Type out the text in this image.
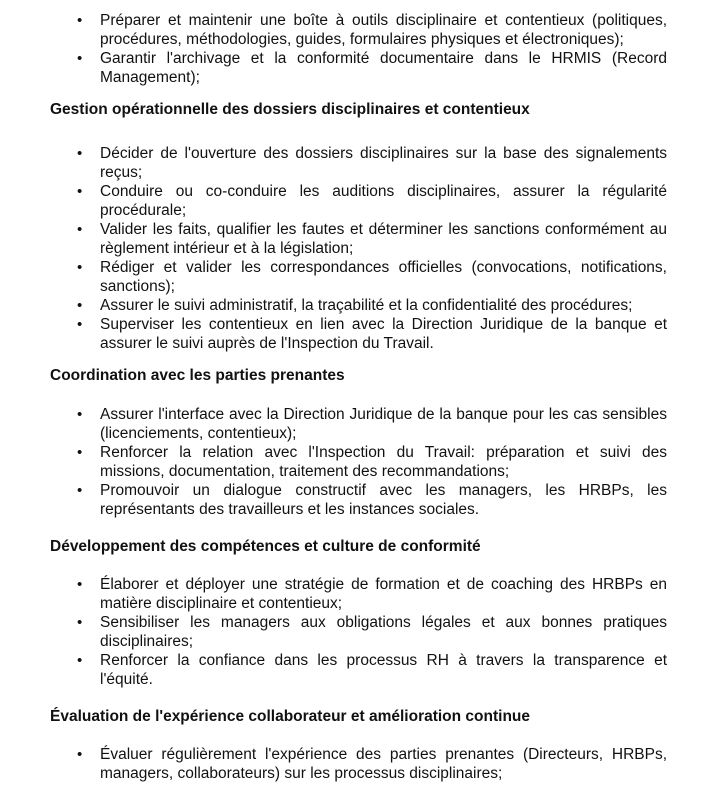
• Préparer et maintenir une boîte à outils disciplinaire et contentieux (politiques, procédures, méthodologies, guides, formulaires physiques et électroniques);
• Garantir l'archivage et la conformité documentaire dans le HRMIS (Record Management);
Gestion opérationnelle des dossiers disciplinaires et contentieux
• Décider de l'ouverture des dossiers disciplinaires sur la base des signalements reçus;
• Conduire ou co-conduire les auditions disciplinaires, assurer la régularité procédurale;
• Valider les faits, qualifier les fautes et déterminer les sanctions conformément au règlement intérieur et à la législation;
• Rédiger et valider les correspondances officielles (convocations, notifications, sanctions);
• Assurer le suivi administratif, la traçabilité et la confidentialité des procédures;
• Superviser les contentieux en lien avec la Direction Juridique de la banque et assurer le suivi auprès de l'Inspection du Travail.
Coordination avec les parties prenantes
• Assurer l'interface avec la Direction Juridique de la banque pour les cas sensibles (licenciements, contentieux);
• Renforcer la relation avec l'Inspection du Travail: préparation et suivi des missions, documentation, traitement des recommandations;
• Promouvoir un dialogue constructif avec les managers, les HRBPs, les représentants des travailleurs et les instances sociales.
Développement des compétences et culture de conformité
• Élaborer et déployer une stratégie de formation et de coaching des HRBPs en matière disciplinaire et contentieux;
• Sensibiliser les managers aux obligations légales et aux bonnes pratiques disciplinaires;
• Renforcer la confiance dans les processus RH à travers la transparence et l'équité.
Évaluation de l'expérience collaborateur et amélioration continue
• Évaluer régulièrement l'expérience des parties prenantes (Directeurs, HRBPs, managers, collaborateurs) sur les processus disciplinaires;
